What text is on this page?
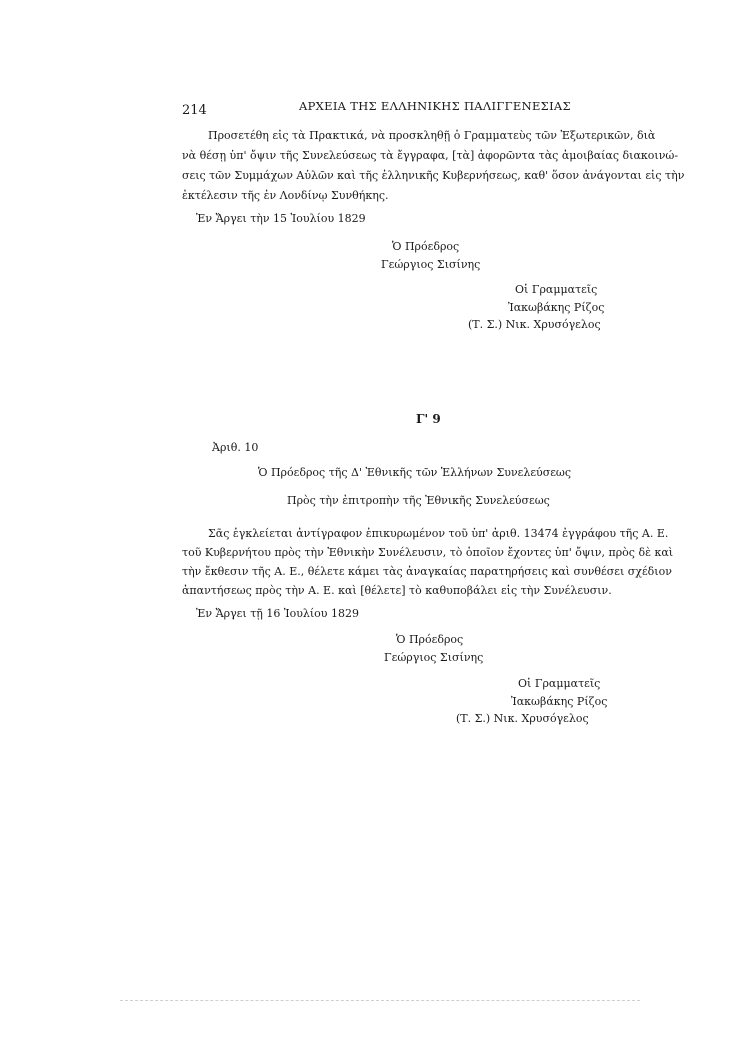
214	ΑΡΧΕΙΑ ΤΗΣ ΕΛΛΗΝΙΚΗΣ ΠΑΛΙΓΓΕΝΕΣΙΑΣ
Προσετέθη εἰς τὰ Πρακτικά, νὰ προσκληθῇ ὁ Γραμματεὺς τῶν Ἐξωτερικῶν, διὰ
νὰ θέσῃ ὑπ' ὄψιν τῆς Συνελεύσεως τὰ ἔγγραφα, [τὰ] ἀφορῶντα τὰς ἀμοιβαίας διακοινώ-
σεις τῶν Συμμάχων Αὐλῶν καὶ τῆς ἑλληνικῆς Κυβερνήσεως, καθ' ὅσον ἀνάγονται εἰς τὴν
ἐκτέλεσιν τῆς ἐν Λονδίνῳ Συνθήκης.
Ἐν Ἄργει τὴν 15 Ἰουλίου 1829
Ὁ Πρόεδρος
Γεώργιος Σισίνης
Οἱ Γραμματεῖς
Ἰακωβάκης Ρίζος
(Τ. Σ.) Νικ. Χρυσόγελος
Γ' 9
Ἀριθ. 10
Ὁ Πρόεδρος τῆς Δ' Ἐθνικῆς τῶν Ἑλλήνων Συνελεύσεως
Πρὸς τὴν ἐπιτροπὴν τῆς Ἐθνικῆς Συνελεύσεως
Σᾶς ἐγκλείεται ἀντίγραφον ἐπικυρωμένον τοῦ ὑπ' ἀριθ. 13474 ἐγγράφου τῆς Α. Ε.
τοῦ Κυβερνήτου πρὸς τὴν Ἐθνικὴν Συνέλευσιν, τὸ ὁποῖον ἔχοντες ὑπ' ὄψιν, πρὸς δὲ καὶ
τὴν ἔκθεσιν τῆς Α. Ε., θέλετε κάμει τὰς ἀναγκαίας παρατηρήσεις καὶ συνθέσει σχέδιον
ἀπαντήσεως πρὸς τὴν Α. Ε. καὶ [θέλετε] τὸ καθυποβάλει εἰς τὴν Συνέλευσιν.
Ἐν Ἄργει τῇ 16 Ἰουλίου 1829
Ὁ Πρόεδρος
Γεώργιος Σισίνης
Οἱ Γραμματεῖς
Ἰακωβάκης Ρίζος
(Τ. Σ.) Νικ. Χρυσόγελος
